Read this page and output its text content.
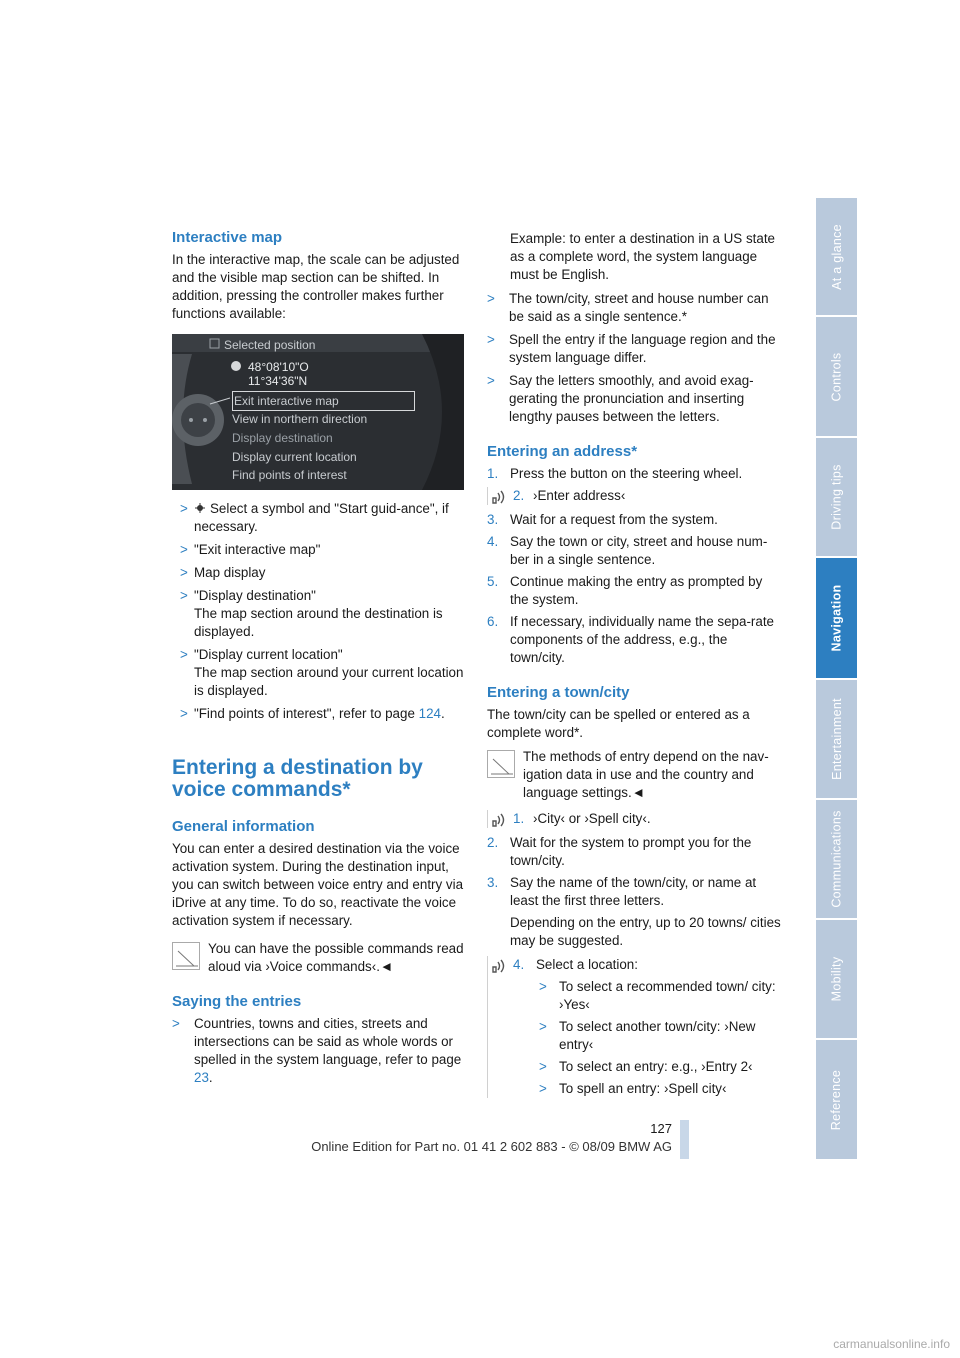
Interactive map
In the interactive map, the scale can be adjusted and the visible map section can be shifted. In addition, pressing the controller makes further functions available:
Selected position
48°08'10"O
11°34'36"N
Exit interactive map
View in northern direction
Display destination
Display current location
Find points of interest
> Select a symbol and "Start guid-ance", if necessary.
> "Exit interactive map"
> Map display
> "Display destination"
The map section around the destination is displayed.
> "Display current location"
The map section around your current location is displayed.
> "Find points of interest", refer to page 124.
Entering a destination by voice commands*
General information
You can enter a desired destination via the voice activation system. During the destination input, you can switch between voice entry and entry via iDrive at any time. To do so, reactivate the voice activation system if necessary.
You can have the possible commands read aloud via ›Voice commands‹.◄
Saying the entries
> Countries, towns and cities, streets and intersections can be said as whole words or spelled in the system language, refer to page 23.
Example: to enter a destination in a US state as a complete word, the system language must be English.
> The town/city, street and house number can be said as a single sentence.*
> Spell the entry if the language region and the system language differ.
> Say the letters smoothly, and avoid exag-gerating the pronunciation and inserting lengthy pauses between the letters.
Entering an address*
1. Press the button on the steering wheel.
2. ›Enter address‹
3. Wait for a request from the system.
4. Say the town or city, street and house num-ber in a single sentence.
5. Continue making the entry as prompted by the system.
6. If necessary, individually name the sepa-rate components of the address, e.g., the town/city.
Entering a town/city
The town/city can be spelled or entered as a complete word*.
The methods of entry depend on the nav-igation data in use and the country and language settings.◄
1. ›City‹ or ›Spell city‹.
2. Wait for the system to prompt you for the town/city.
3. Say the name of the town/city, or name at least the first three letters.
Depending on the entry, up to 20 towns/ cities may be suggested.
4. Select a location:
> To select a recommended town/ city: ›Yes‹
> To select another town/city: ›New entry‹
> To select an entry: e.g., ›Entry 2‹
> To spell an entry: ›Spell city‹	Reference
Mobility
Communications
Entertainment
Navigation
Driving tips
Controls
At a glance
127
Online Edition for Part no. 01 41 2 602 883 - © 08/09 BMW AG
carmanualsonline.info
